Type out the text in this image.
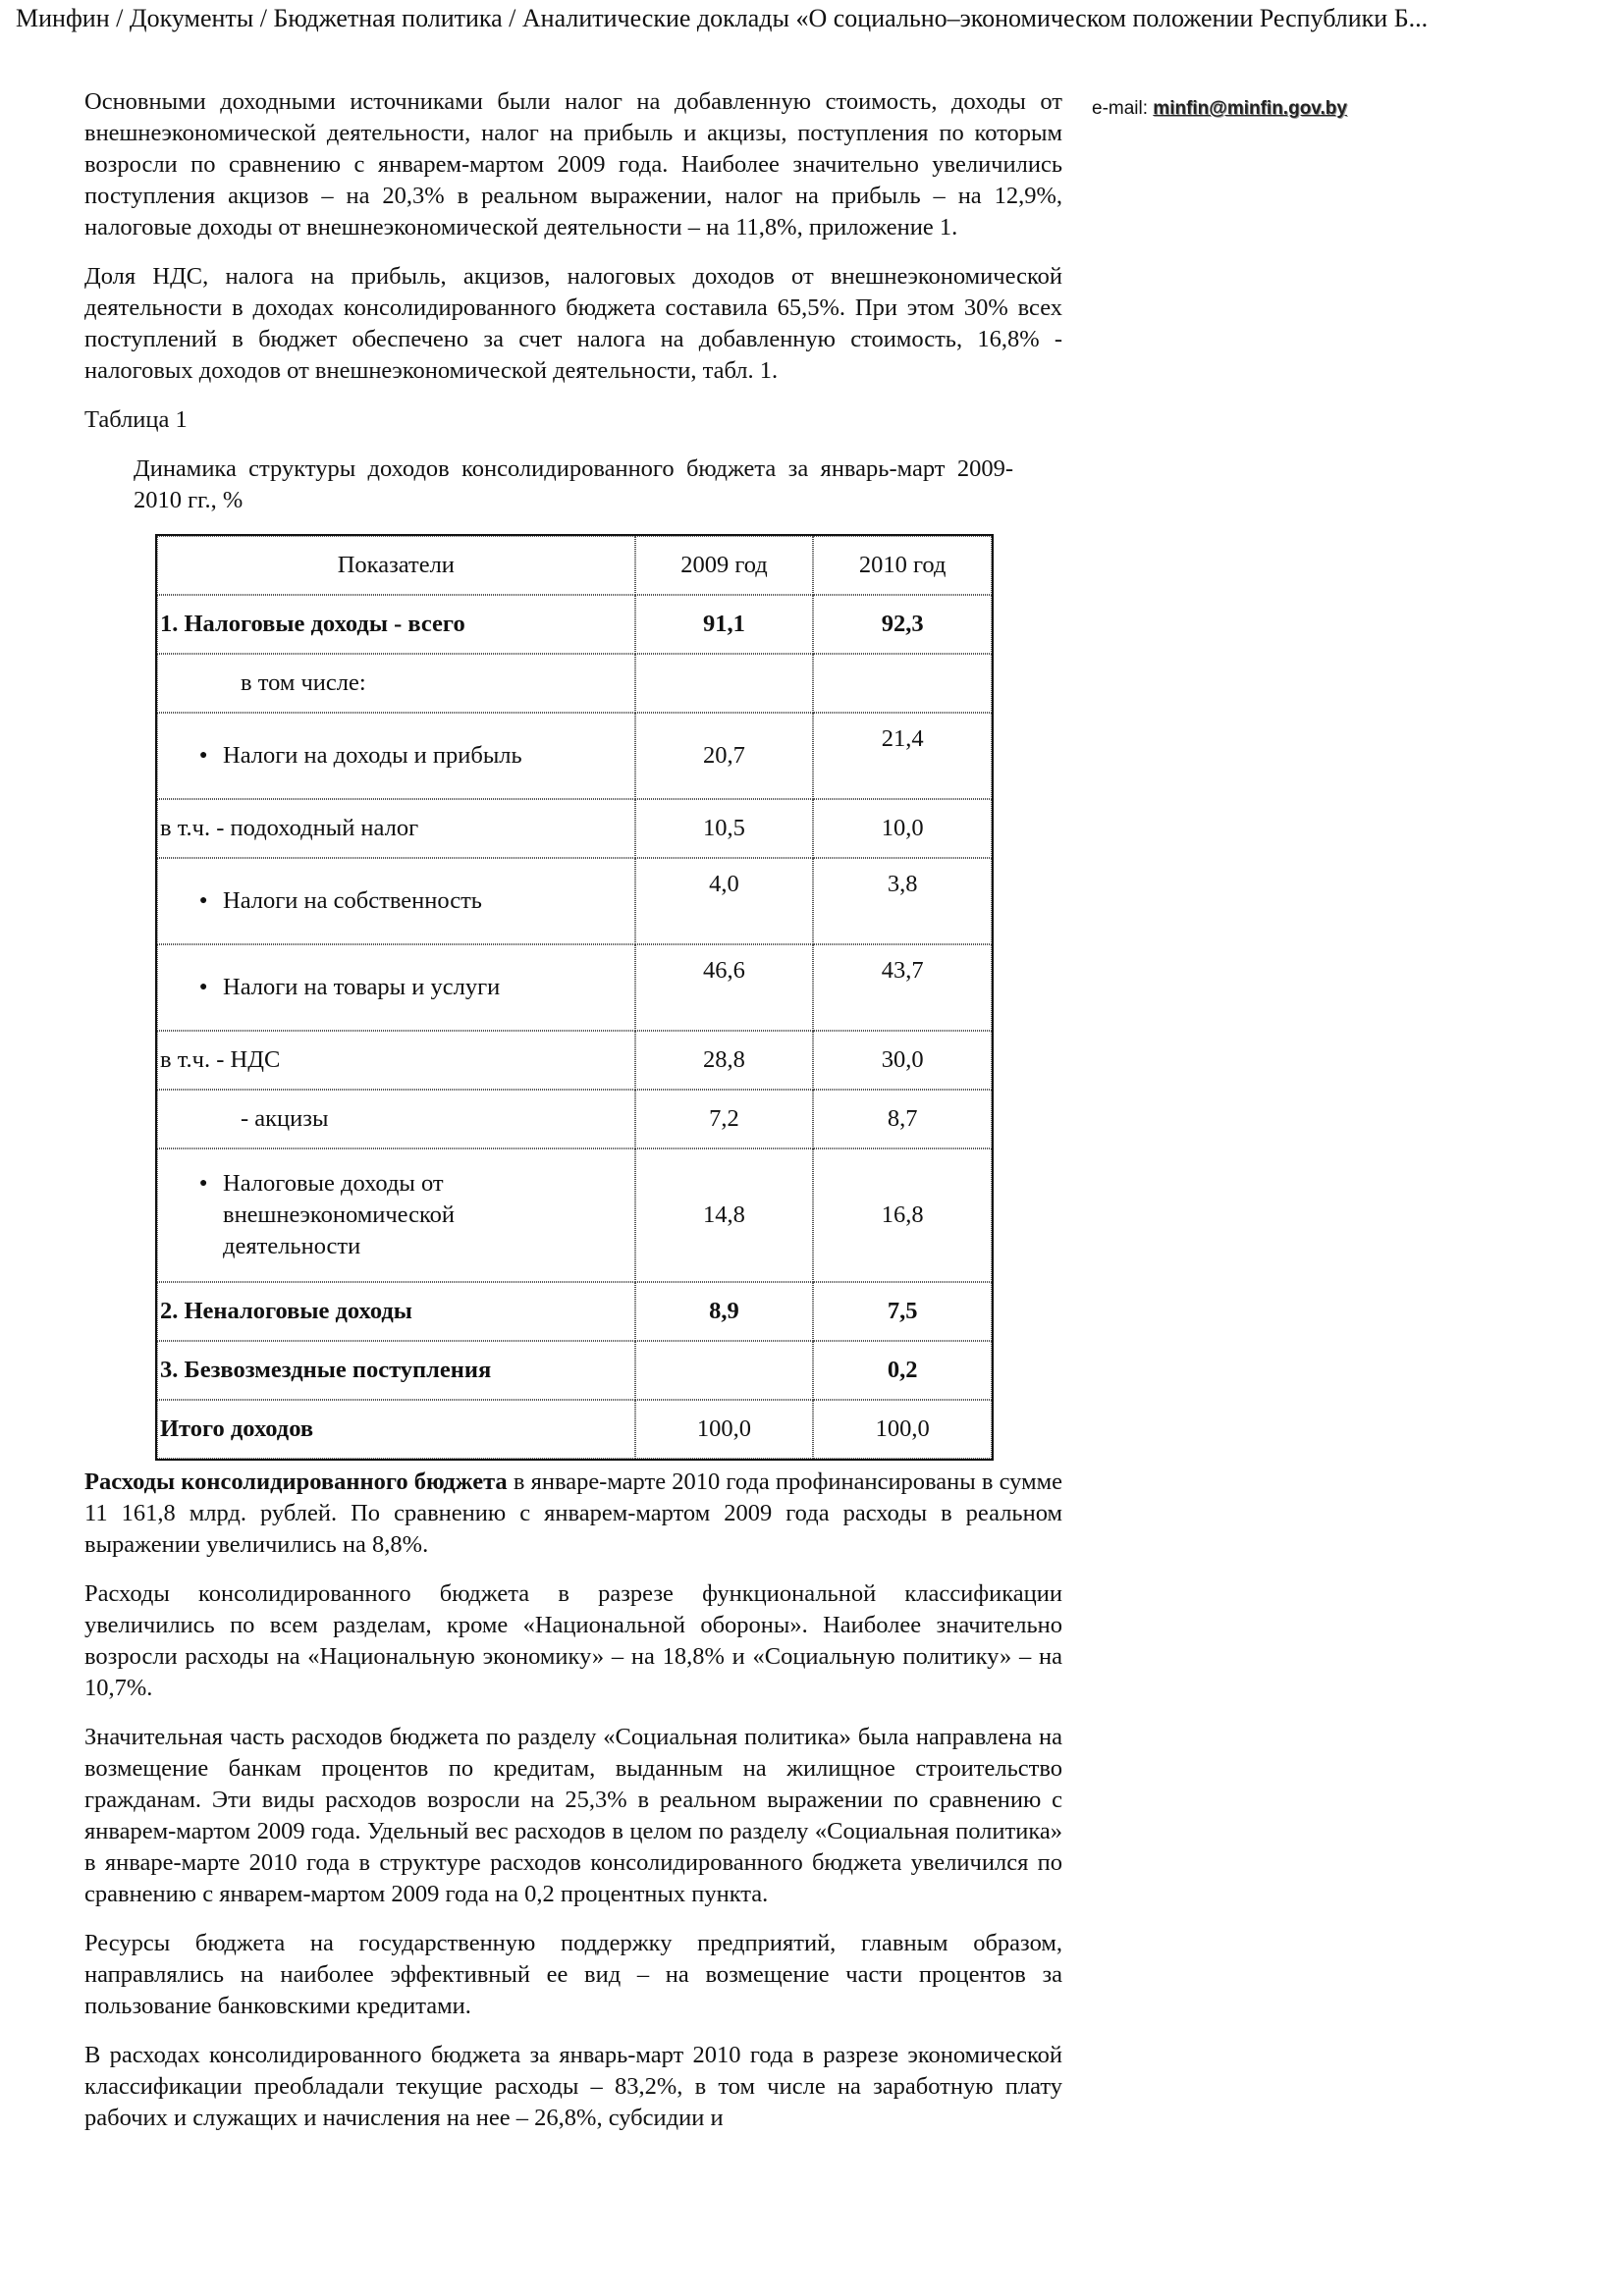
Минфин / Документы / Бюджетная политика / Аналитические доклады «О социально–экономическом положении Республики Б...
e-mail: minfin@minfin.gov.by

Основными доходными источниками были налог на добавленную стоимость, доходы от внешнеэкономической деятельности, налог на прибыль и акцизы, поступления по которым возросли по сравнению с январем-мартом 2009 года. Наиболее значительно увеличились поступления акцизов – на 20,3% в реальном выражении, налог на прибыль – на 12,9%, налоговые доходы от внешнеэкономической деятельности – на 11,8%, приложение 1.

Доля НДС, налога на прибыль, акцизов, налоговых доходов от внешнеэкономической деятельности в доходах консолидированного бюджета составила 65,5%. При этом 30% всех поступлений в бюджет обеспечено за счет налога на добавленную стоимость, 16,8% - налоговых доходов от внешнеэкономической деятельности, табл. 1.

Таблица 1

Динамика структуры доходов консолидированного бюджета за январь-март 2009-2010 гг., %

Показатели	2009 год	2010 год
1. Налоговые доходы - всего	91,1	92,3
в том числе:		
● Налоги на доходы и прибыль	20,7	21,4
в т.ч. - подоходный налог	10,5	10,0
● Налоги на собственность	4,0	3,8
● Налоги на товары и услуги	46,6	43,7
в т.ч. - НДС	28,8	30,0
- акцизы	7,2	8,7
● Налоговые доходы от внешнеэкономической деятельности	14,8	16,8
2. Неналоговые доходы	8,9	7,5
3. Безвозмездные поступления		0,2
Итого доходов	100,0	100,0

Расходы консолидированного бюджета в январе-марте 2010 года профинансированы в сумме 11 161,8 млрд. рублей. По сравнению с январем-мартом 2009 года расходы в реальном выражении увеличились на 8,8%.

Расходы консолидированного бюджета в разрезе функциональной классификации увеличились по всем разделам, кроме «Национальной обороны». Наиболее значительно возросли расходы на «Национальную экономику» – на 18,8% и «Социальную политику» – на 10,7%.

Значительная часть расходов бюджета по разделу «Социальная политика» была направлена на возмещение банкам процентов по кредитам, выданным на жилищное строительство гражданам. Эти виды расходов возросли на 25,3% в реальном выражении по сравнению с январем-мартом 2009 года. Удельный вес расходов в целом по разделу «Социальная политика» в январе-марте 2010 года в структуре расходов консолидированного бюджета увеличился по сравнению с январем-мартом 2009 года на 0,2 процентных пункта.

Ресурсы бюджета на государственную поддержку предприятий, главным образом, направлялись на наиболее эффективный ее вид – на возмещение части процентов за пользование банковскими кредитами.

В расходах консолидированного бюджета за январь-март 2010 года в разрезе экономической классификации преобладали текущие расходы – 83,2%, в том числе на заработную плату рабочих и служащих и начисления на нее – 26,8%, субсидии и
